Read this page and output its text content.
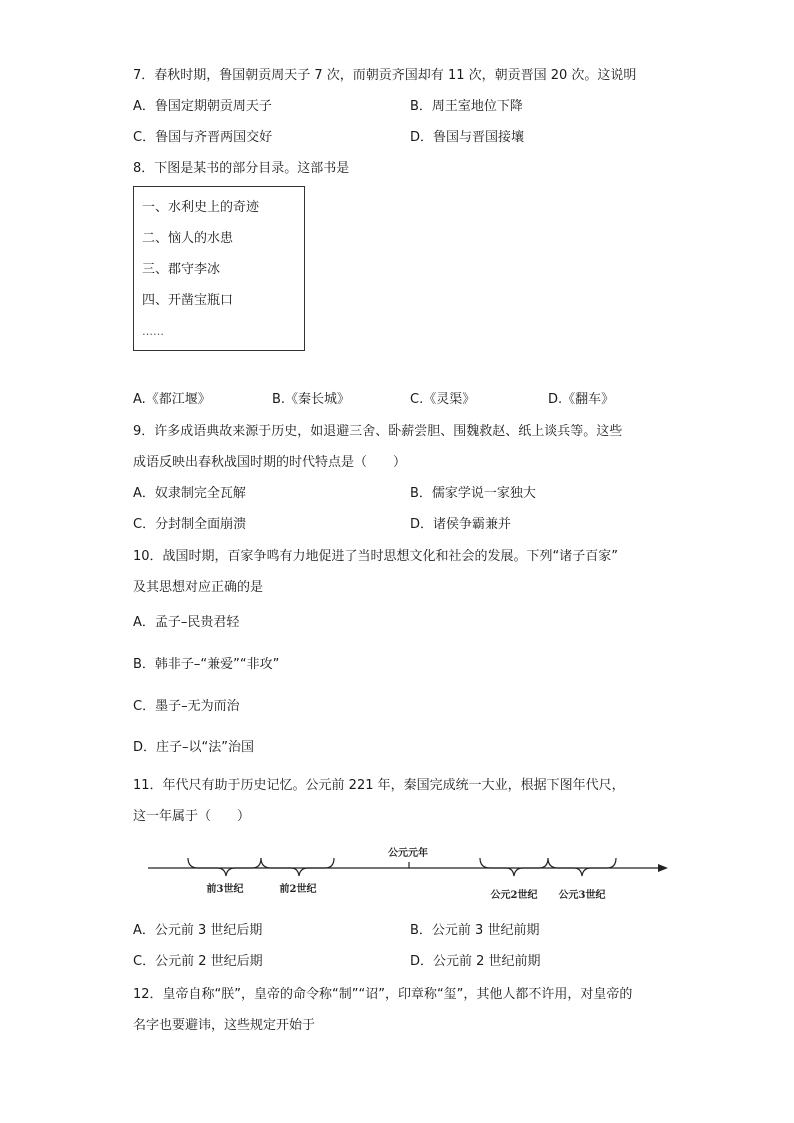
7．春秋时期，鲁国朝贡周天子 7 次，而朝贡齐国却有 11 次，朝贡晋国 20 次。这说明
A．鲁国定期朝贡周天子	B．周王室地位下降
C．鲁国与齐晋两国交好	D．鲁国与晋国接壤
8．下图是某书的部分目录。这部书是
一、水利史上的奇迹
二、恼人的水患
三、郡守李冰
四、开凿宝瓶口
……
A.《都江堰》	B.《秦长城》	C.《灵渠》	D.《翻车》
9．许多成语典故来源于历史，如退避三舍、卧薪尝胆、围魏救赵、纸上谈兵等。这些
成语反映出春秋战国时期的时代特点是（　　）
A．奴隶制完全瓦解	B．儒家学说一家独大
C．分封制全面崩溃	D．诸侯争霸兼并
10．战国时期，百家争鸣有力地促进了当时思想文化和社会的发展。下列“诸子百家”
及其思想对应正确的是
A．孟子–民贵君轻
B．韩非子–“兼爱”“非攻”
C．墨子–无为而治
D．庄子–以“法”治国
11．年代尺有助于历史记忆。公元前 221 年，秦国完成统一大业，根据下图年代尺，
这一年属于（　　）
公元元年
前3世纪	前2世纪
公元2世纪 公元3世纪
A．公元前 3 世纪后期	B．公元前 3 世纪前期
C．公元前 2 世纪后期	D．公元前 2 世纪前期
12．皇帝自称“朕”，皇帝的命令称“制”“诏”，印章称“玺”，其他人都不许用，对皇帝的
名字也要避讳，这些规定开始于
